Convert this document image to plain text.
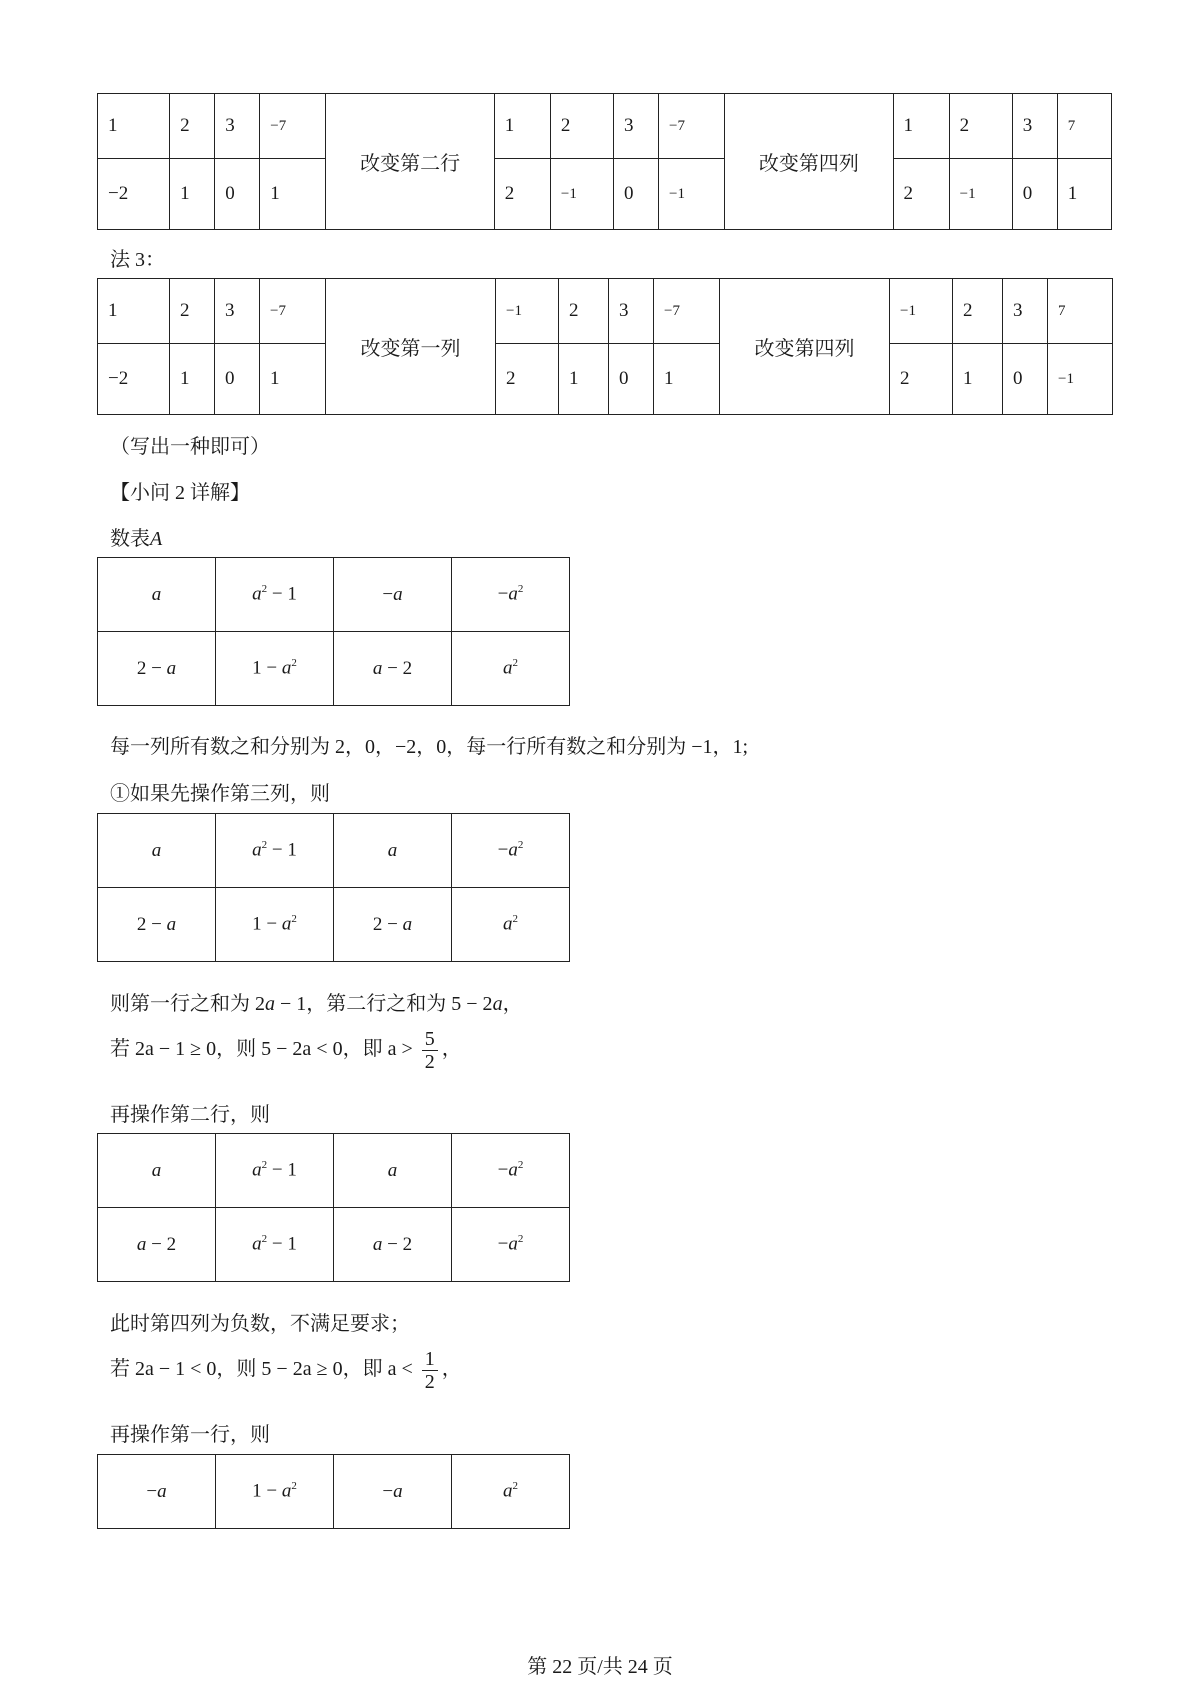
1	2	3	−7	改变第二行	1	2	3	−7	改变第四列	1	2	3	7
−2	1	0	1		2	−1	0	−1		2	−1	0	1
法 3：
1	2	3	−7	改变第一列	−1	2	3	−7	改变第四列	−1	2	3	7
−2	1	0	1		2	1	0	1		2	1	0	−1
（写出一种即可）
【小问 2 详解】
数表A
a	$a^2 - 1$	−a	$-a^2$
2 − a	$1 - a^2$	a − 2	$a^2$
每一列所有数之和分别为 2，0，−2，0，每一行所有数之和分别为 −1，1;
①如果先操作第三列，则
a	$a^2 - 1$	a	$-a^2$
2 − a	$1 - a^2$	2 − a	$a^2$
则第一行之和为 2a − 1，第二行之和为 5 − 2a，
若 2a − 1 ≥ 0，则 5 − 2a < 0，即 $a > \frac{5}{2}$ ，
再操作第二行，则
a	$a^2 - 1$	a	$-a^2$
a − 2	$a^2 - 1$	a − 2	$-a^2$
此时第四列为负数，不满足要求；
若 2a − 1 < 0，则 5 − 2a ≥ 0，即 $a < \frac{1}{2}$ ，
再操作第一行，则
−a	$1 - a^2$	−a	$a^2$
第 22 页/共 24 页
